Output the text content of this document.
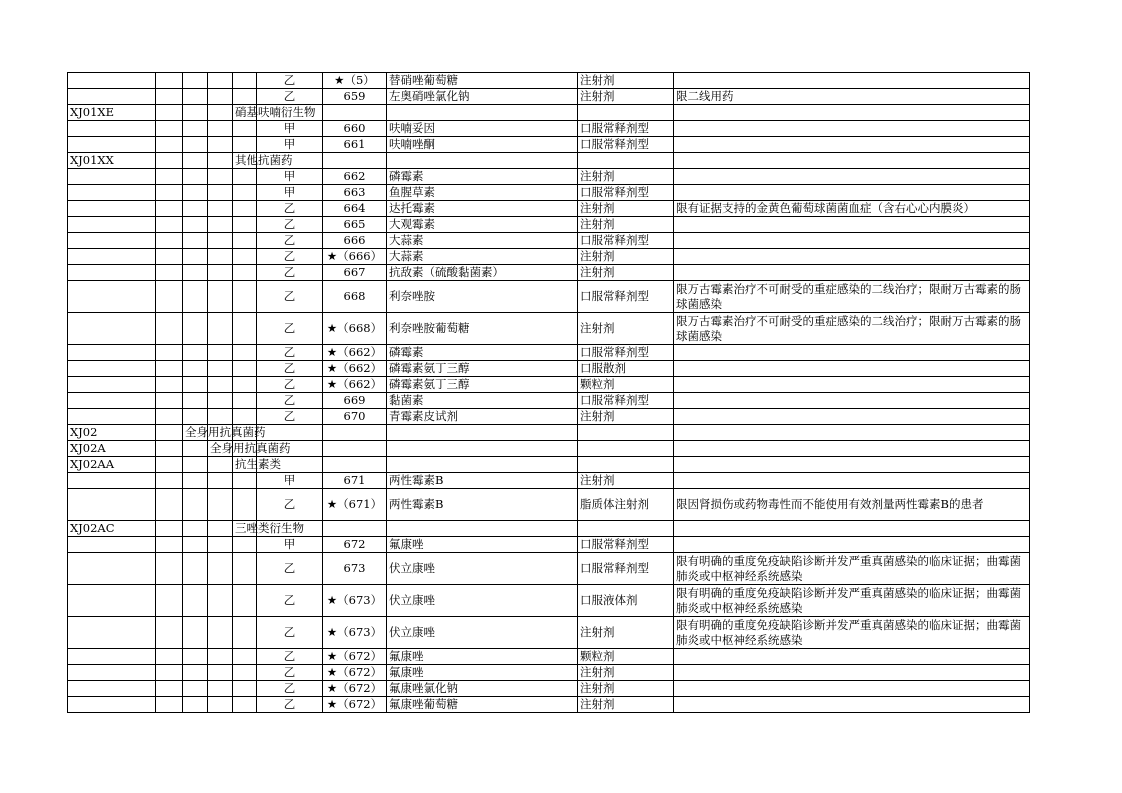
					乙	★（5）	替硝唑葡萄糖	注射剂	
					乙	659	左奥硝唑氯化钠	注射剂	限二线用药
XJ01XE				硝基呋喃衍生物					
					甲	660	呋喃妥因	口服常释剂型	
					甲	661	呋喃唑酮	口服常释剂型	
XJ01XX				其他抗菌药					
					甲	662	磷霉素	注射剂	
					甲	663	鱼腥草素	口服常释剂型	
					乙	664	达托霉素	注射剂	限有证据支持的金黄色葡萄球菌菌血症（含右心心内膜炎）
					乙	665	大观霉素	注射剂	
					乙	666	大蒜素	口服常释剂型	
					乙	★（666）	大蒜素	注射剂	
					乙	667	抗敌素（硫酸黏菌素）	注射剂	
					乙	668	利奈唑胺	口服常释剂型	限万古霉素治疗不可耐受的重症感染的二线治疗；限耐万古霉素的肠球菌感染
					乙	★（668）	利奈唑胺葡萄糖	注射剂	限万古霉素治疗不可耐受的重症感染的二线治疗；限耐万古霉素的肠球菌感染
					乙	★（662）	磷霉素	口服常释剂型	
					乙	★（662）	磷霉素氨丁三醇	口服散剂	
					乙	★（662）	磷霉素氨丁三醇	颗粒剂	
					乙	669	黏菌素	口服常释剂型	
					乙	670	青霉素皮试剂	注射剂	
XJ02		全身用抗真菌药							
XJ02A			全身用抗真菌药						
XJ02AA				抗生素类					
					甲	671	两性霉素B	注射剂	
					乙	★（671）	两性霉素B	脂质体注射剂	限因肾损伤或药物毒性而不能使用有效剂量两性霉素B的患者
XJ02AC				三唑类衍生物					
					甲	672	氟康唑	口服常释剂型	
					乙	673	伏立康唑	口服常释剂型	限有明确的重度免疫缺陷诊断并发严重真菌感染的临床证据；曲霉菌肺炎或中枢神经系统感染
					乙	★（673）	伏立康唑	口服液体剂	限有明确的重度免疫缺陷诊断并发严重真菌感染的临床证据；曲霉菌肺炎或中枢神经系统感染
					乙	★（673）	伏立康唑	注射剂	限有明确的重度免疫缺陷诊断并发严重真菌感染的临床证据；曲霉菌肺炎或中枢神经系统感染
					乙	★（672）	氟康唑	颗粒剂	
					乙	★（672）	氟康唑	注射剂	
					乙	★（672）	氟康唑氯化钠	注射剂	
					乙	★（672）	氟康唑葡萄糖	注射剂	
